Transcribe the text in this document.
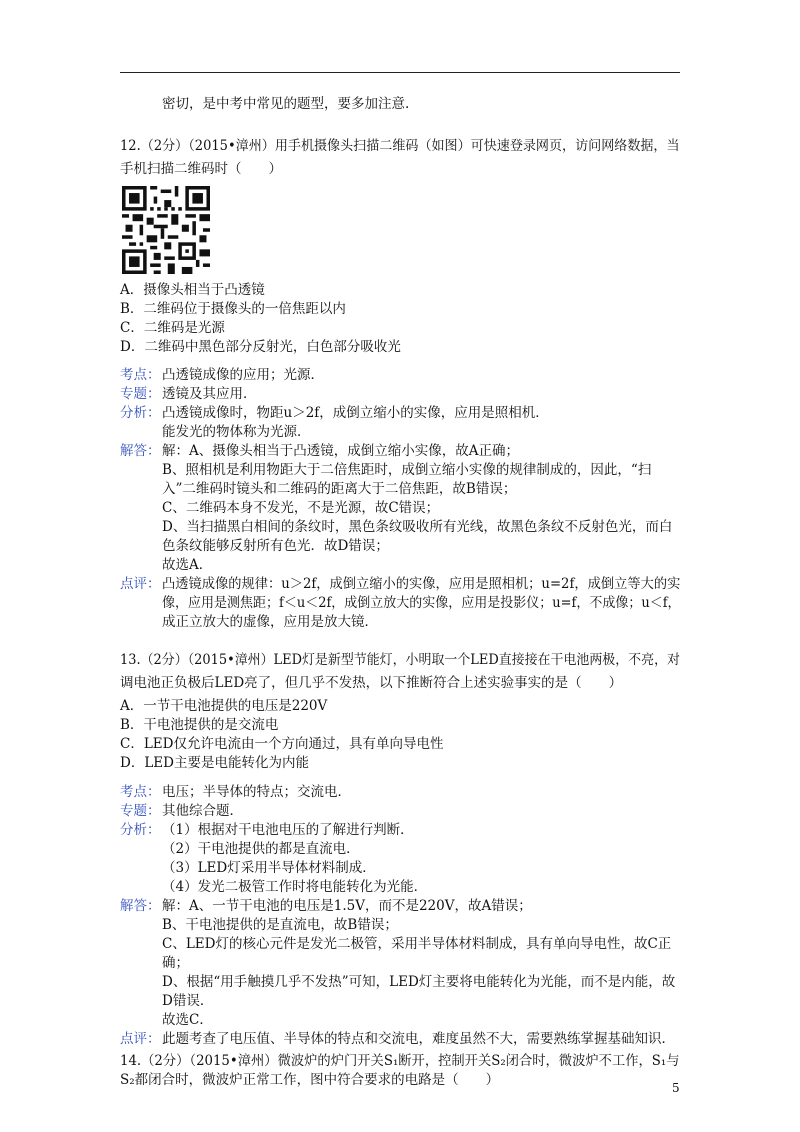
密切，是中考中常见的题型，要多加注意.
12.（2分）（2015•漳州）用手机摄像头扫描二维码（如图）可快速登录网页，访问网络数据，当
手机扫描二维码时（　　）
A．摄像头相当于凸透镜
B．二维码位于摄像头的一倍焦距以内
C．二维码是光源
D．二维码中黑色部分反射光，白色部分吸收光
考点： 凸透镜成像的应用；光源．
专题： 透镜及其应用．
分析： 凸透镜成像时，物距u＞2f，成倒立缩小的实像，应用是照相机．
能发光的物体称为光源．
解答： 解：A、摄像头相当于凸透镜，成倒立缩小实像，故A正确；
B、照相机是利用物距大于二倍焦距时，成倒立缩小实像的规律制成的，因此，“扫
入”二维码时镜头和二维码的距离大于二倍焦距，故B错误；
C、二维码本身不发光，不是光源，故C错误；
D、当扫描黑白相间的条纹时，黑色条纹吸收所有光线，故黑色条纹不反射色光，而白
色条纹能够反射所有色光．故D错误；
故选A．
点评： 凸透镜成像的规律：u＞2f，成倒立缩小的实像，应用是照相机；u=2f，成倒立等大的实
像，应用是测焦距；f＜u＜2f，成倒立放大的实像，应用是投影仪；u=f，不成像；u＜f，
成正立放大的虚像，应用是放大镜．
13.（2分）（2015•漳州）LED灯是新型节能灯，小明取一个LED直接接在干电池两极，不亮，对
调电池正负极后LED亮了，但几乎不发热，以下推断符合上述实验事实的是（　　）
A．一节干电池提供的电压是220V
B．干电池提供的是交流电
C．LED仅允许电流由一个方向通过，具有单向导电性
D．LED主要是电能转化为内能
考点： 电压；半导体的特点；交流电．
专题： 其他综合题．
分析： （1）根据对干电池电压的了解进行判断．
（2）干电池提供的都是直流电．
（3）LED灯采用半导体材料制成．
（4）发光二极管工作时将电能转化为光能．
解答： 解：A、一节干电池的电压是1.5V，而不是220V，故A错误；
B、干电池提供的是直流电，故B错误；
C、LED灯的核心元件是发光二极管，采用半导体材料制成，具有单向导电性，故C正
确；
D、根据“用手触摸几乎不发热”可知，LED灯主要将电能转化为光能，而不是内能，故
D错误．
故选C．
点评： 此题考查了电压值、半导体的特点和交流电，难度虽然不大，需要熟练掌握基础知识．
14.（2分）（2015•漳州）微波炉的炉门开关S₁断开，控制开关S₂闭合时，微波炉不工作，S₁与
S₂都闭合时，微波炉正常工作，图中符合要求的电路是（　　）	5
